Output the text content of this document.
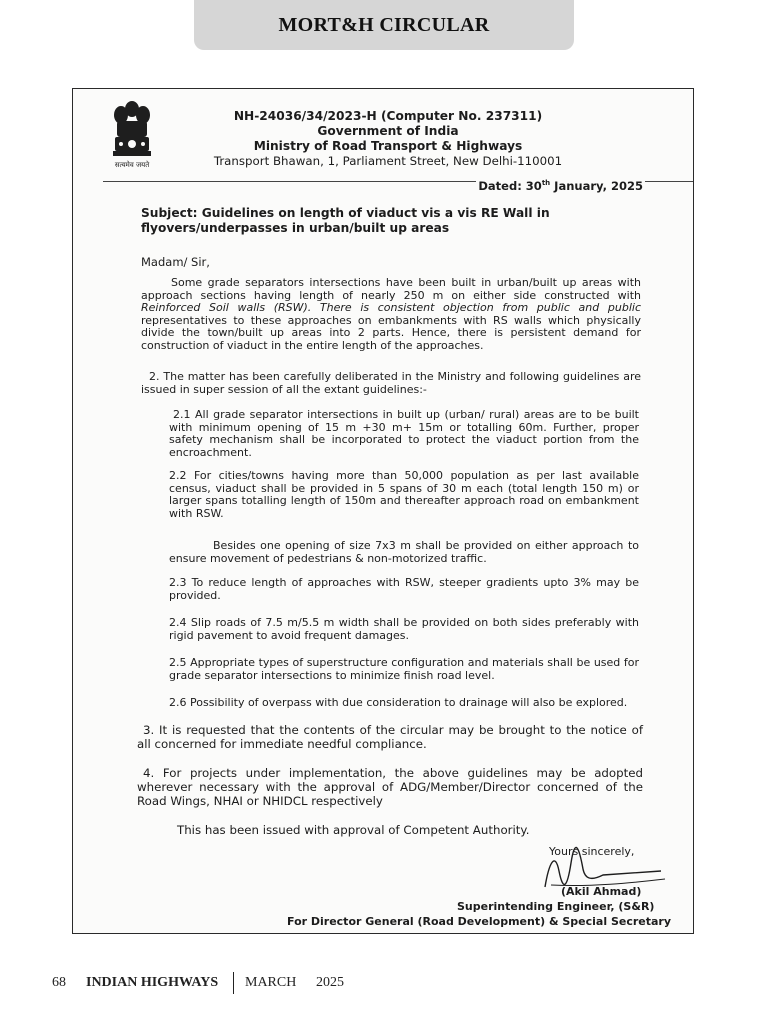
MORT&H CIRCULAR
सत्यमेव जयते
NH-24036/34/2023-H (Computer No. 237311)
Government of India
Ministry of Road Transport & Highways
Transport Bhawan, 1, Parliament Street, New Delhi-110001
Dated: 30th January, 2025
Subject: Guidelines on length of viaduct vis a vis RE Wall in flyovers/underpasses in urban/built up areas
Madam/ Sir,
Some grade separators intersections have been built in urban/built up areas with approach sections having length of nearly 250 m on either side constructed with Reinforced Soil walls (RSW). There is consistent objection from public and public representatives to these approaches on embankments with RS walls which physically divide the town/built up areas into 2 parts. Hence, there is persistent demand for construction of viaduct in the entire length of the approaches.
2. The matter has been carefully deliberated in the Ministry and following guidelines are issued in super session of all the extant guidelines:-
2.1 All grade separator intersections in built up (urban/ rural) areas are to be built with minimum opening of 15 m +30 m+ 15m or totalling 60m. Further, proper safety mechanism shall be incorporated to protect the viaduct portion from the encroachment.
2.2 For cities/towns having more than 50,000 population as per last available census, viaduct shall be provided in 5 spans of 30 m each (total length 150 m) or larger spans totalling length of 150m and thereafter approach road on embankment with RSW.
Besides one opening of size 7x3 m shall be provided on either approach to ensure movement of pedestrians & non-motorized traffic.
2.3 To reduce length of approaches with RSW, steeper gradients upto 3% may be provided.
2.4 Slip roads of 7.5 m/5.5 m width shall be provided on both sides preferably with rigid pavement to avoid frequent damages.
2.5 Appropriate types of superstructure configuration and materials shall be used for grade separator intersections to minimize finish road level.
2.6 Possibility of overpass with due consideration to drainage will also be explored.
3. It is requested that the contents of the circular may be brought to the notice of all concerned for immediate needful compliance.
4. For projects under implementation, the above guidelines may be adopted wherever necessary with the approval of ADG/Member/Director concerned of the Road Wings, NHAI or NHIDCL respectively
This has been issued with approval of Competent Authority.
Yours sincerely,
(Akil Ahmad)
Superintending Engineer, (S&R)
For Director General (Road Development) & Special Secretary
68 INDIAN HIGHWAYS MARCH 2025
